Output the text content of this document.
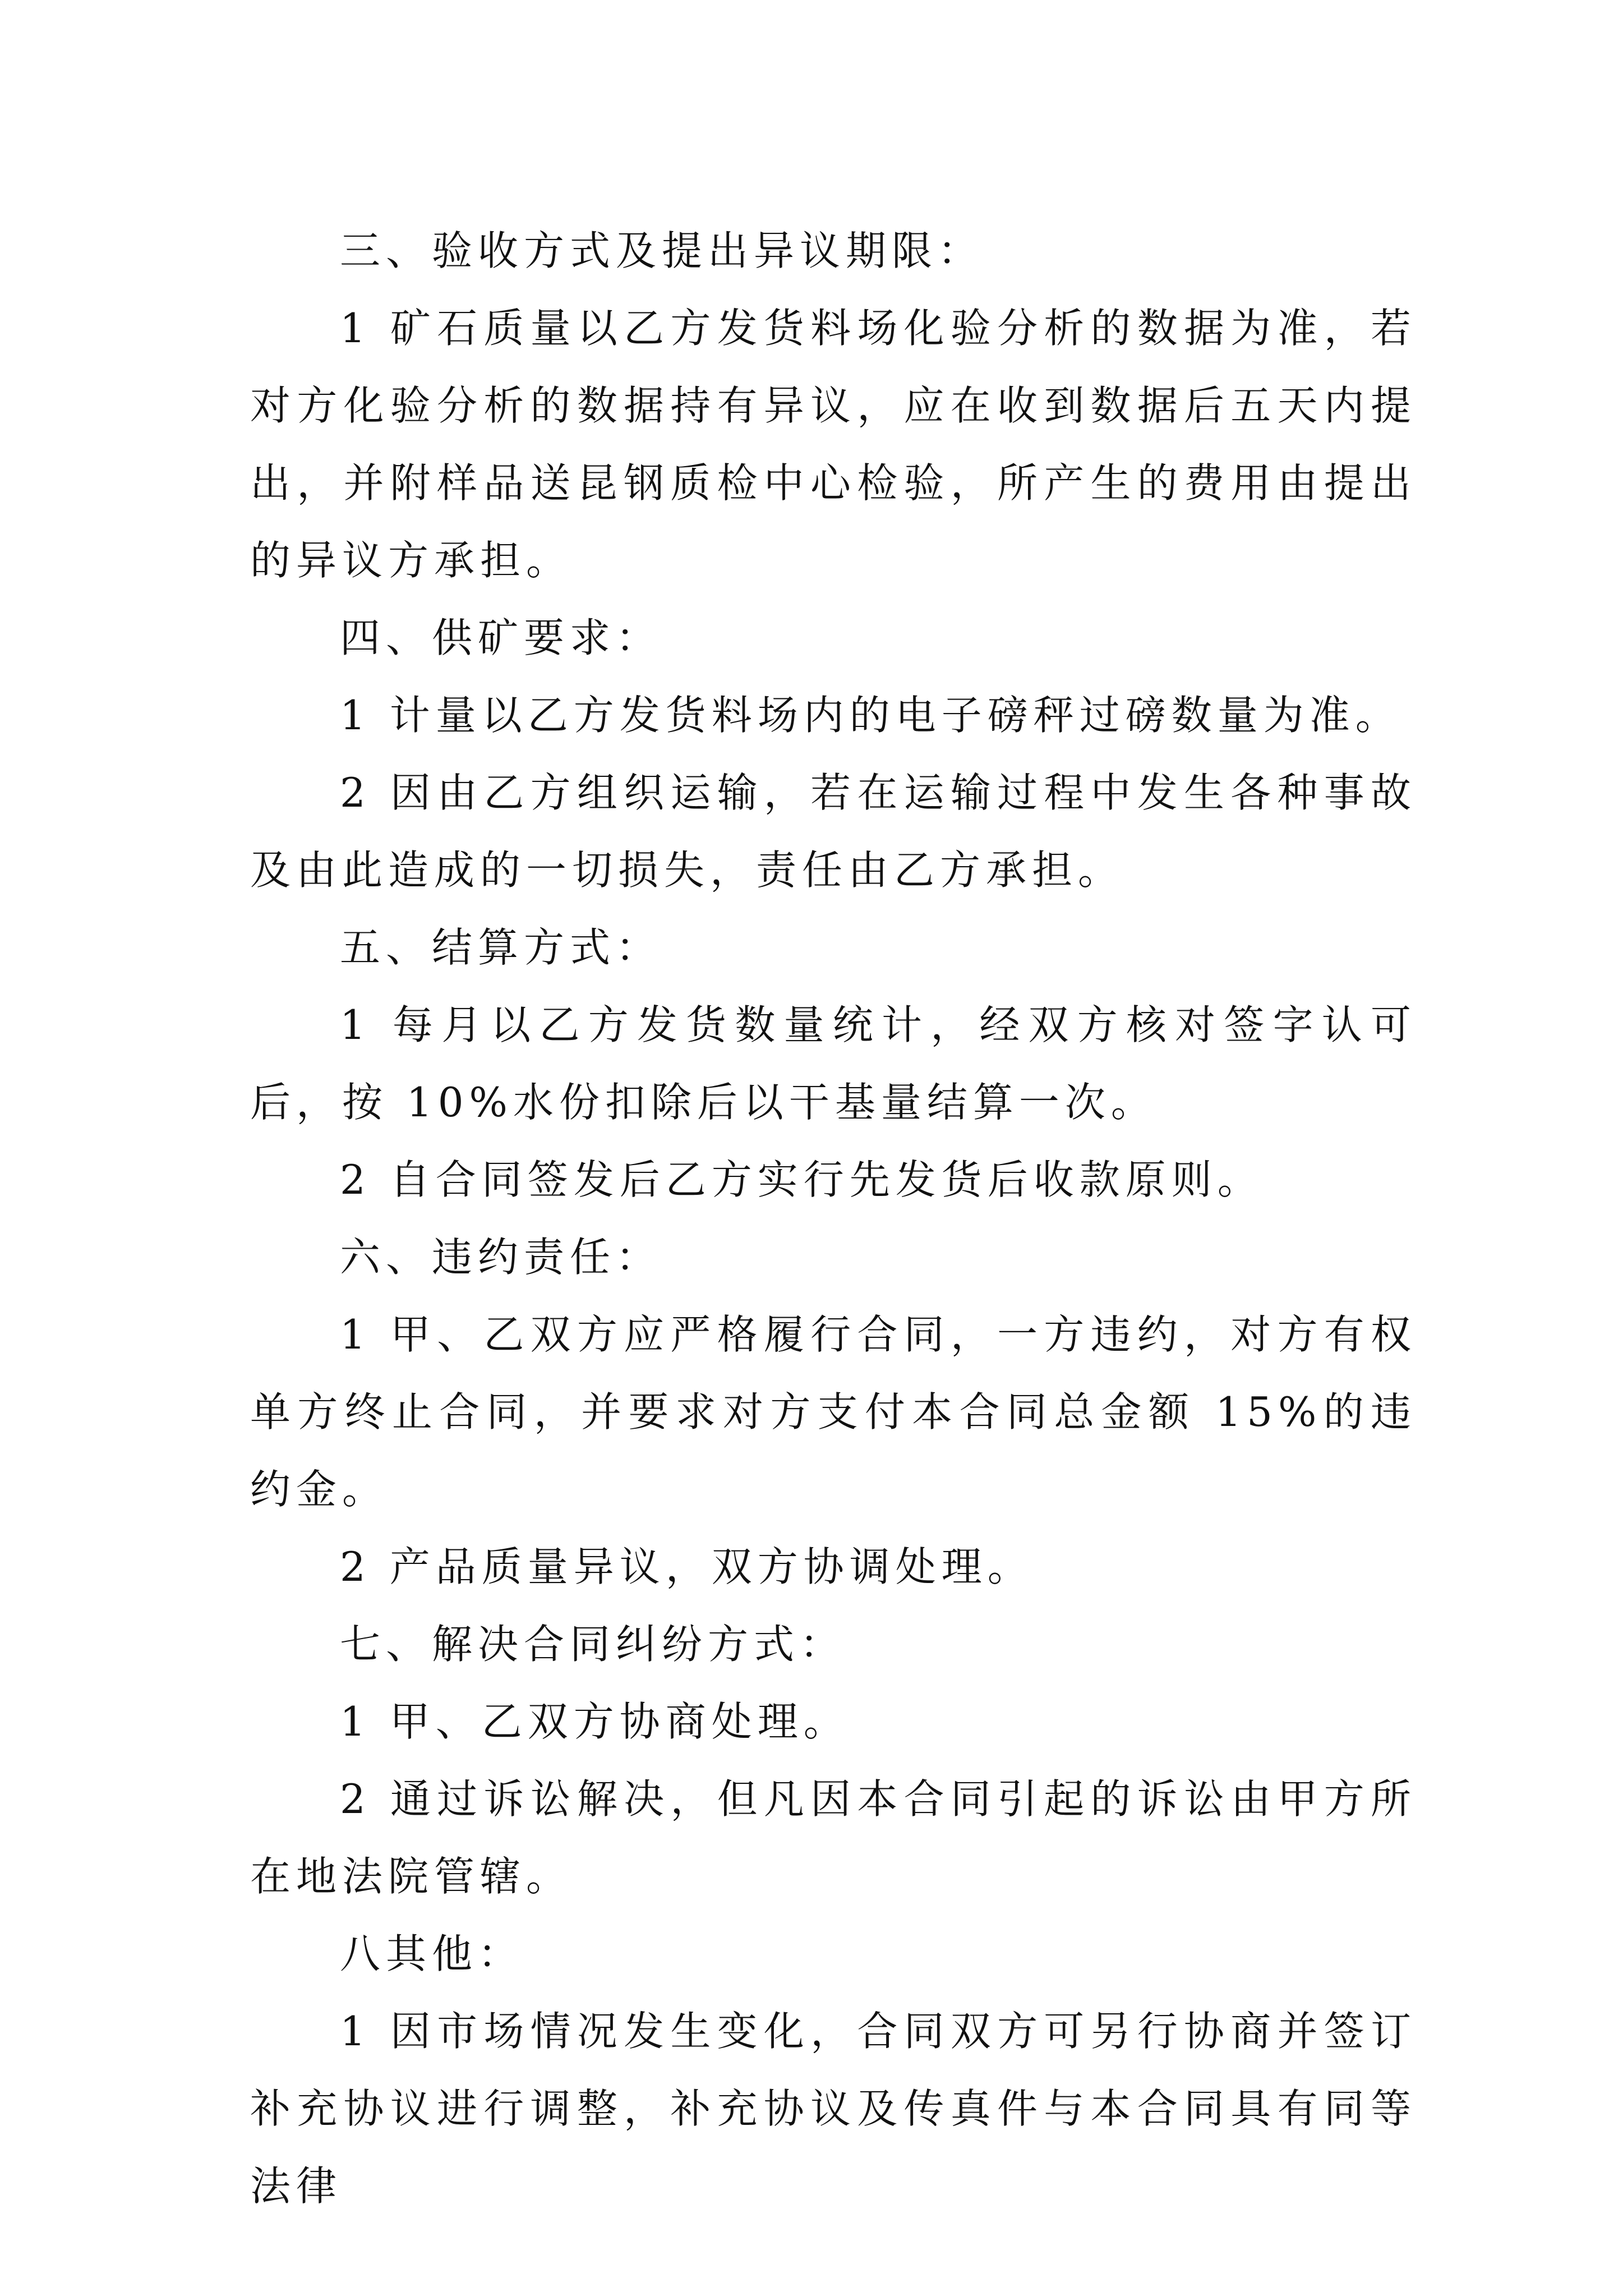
三、验收方式及提出异议期限：

1 矿石质量以乙方发货料场化验分析的数据为准，若对方化验分析的数据持有异议，应在收到数据后五天内提出，并附样品送昆钢质检中心检验，所产生的费用由提出的异议方承担。

四、供矿要求：

1 计量以乙方发货料场内的电子磅秤过磅数量为准。

2 因由乙方组织运输，若在运输过程中发生各种事故及由此造成的一切损失，责任由乙方承担。

五、结算方式：

1 每月以乙方发货数量统计，经双方核对签字认可后，按 10%水份扣除后以干基量结算一次。

2 自合同签发后乙方实行先发货后收款原则。

六、违约责任：

1 甲、乙双方应严格履行合同，一方违约，对方有权单方终止合同，并要求对方支付本合同总金额 15%的违约金。

2 产品质量异议，双方协调处理。

七、解决合同纠纷方式：

1 甲、乙双方协商处理。

2 通过诉讼解决，但凡因本合同引起的诉讼由甲方所在地法院管辖。

八其他：

1 因市场情况发生变化，合同双方可另行协商并签订补充协议进行调整，补充协议及传真件与本合同具有同等法律
